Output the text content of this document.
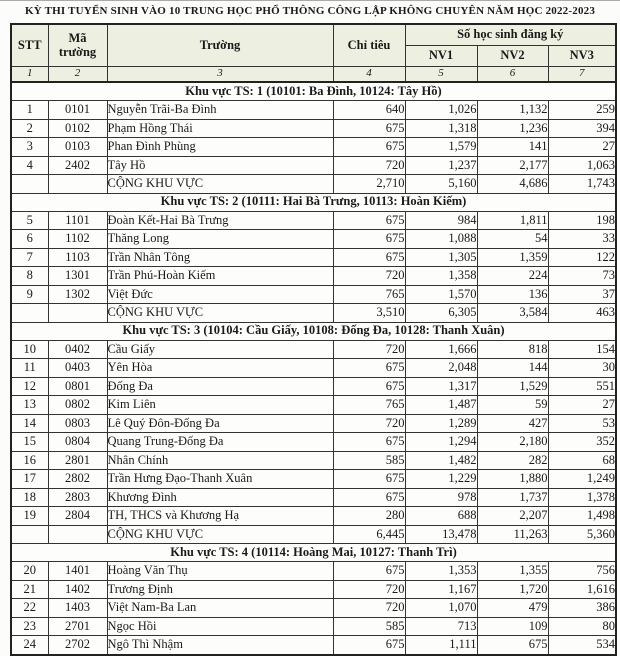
KỲ THI TUYỂN SINH VÀO 10 TRUNG HỌC PHỔ THÔNG CÔNG LẬP KHÔNG CHUYÊN NĂM HỌC 2022-2023
STT	Mã trường	Trường	Chỉ tiêu	Số học sinh đăng ký		
				NV1	NV2	NV3
1	2	3	4	5	6	7
Khu vực TS: 1 (10101: Ba Đình, 10124: Tây Hồ)						
1	0101	Nguyễn Trãi-Ba Đình	640	1,026	1,132	259
2	0102	Phạm Hồng Thái	675	1,318	1,236	394
3	0103	Phan Đình Phùng	675	1,579	141	27
4	2402	Tây Hồ	720	1,237	2,177	1,063
		CỘNG KHU VỰC	2,710	5,160	4,686	1,743
Khu vực TS: 2 (10111: Hai Bà Trưng, 10113: Hoàn Kiếm)						
5	1101	Đoàn Kết-Hai Bà Trưng	675	984	1,811	198
6	1102	Thăng Long	675	1,088	54	33
7	1103	Trần Nhân Tông	675	1,305	1,359	122
8	1301	Trần Phú-Hoàn Kiếm	720	1,358	224	73
9	1302	Việt Đức	765	1,570	136	37
		CỘNG KHU VỰC	3,510	6,305	3,584	463
Khu vực TS: 3 (10104: Cầu Giấy, 10108: Đống Đa, 10128: Thanh Xuân)						
10	0402	Cầu Giấy	720	1,666	818	154
11	0403	Yên Hòa	675	2,048	144	30
12	0801	Đống Đa	675	1,317	1,529	551
13	0802	Kim Liên	765	1,487	59	27
14	0803	Lê Quý Đôn-Đống Đa	720	1,289	427	53
15	0804	Quang Trung-Đống Đa	675	1,294	2,180	352
16	2801	Nhân Chính	585	1,482	282	68
17	2802	Trần Hưng Đạo-Thanh Xuân	675	1,229	1,880	1,249
18	2803	Khương Đình	675	978	1,737	1,378
19	2804	TH, THCS và Khương Hạ	280	688	2,207	1,498
		CỘNG KHU VỰC	6,445	13,478	11,263	5,360
Khu vực TS: 4 (10114: Hoàng Mai, 10127: Thanh Trì)						
20	1401	Hoàng Văn Thụ	675	1,353	1,355	756
21	1402	Trương Định	720	1,167	1,720	1,616
22	1403	Việt Nam-Ba Lan	720	1,070	479	386
23	2701	Ngọc Hồi	585	713	109	80
24	2702	Ngô Thì Nhậm	675	1,111	675	534
